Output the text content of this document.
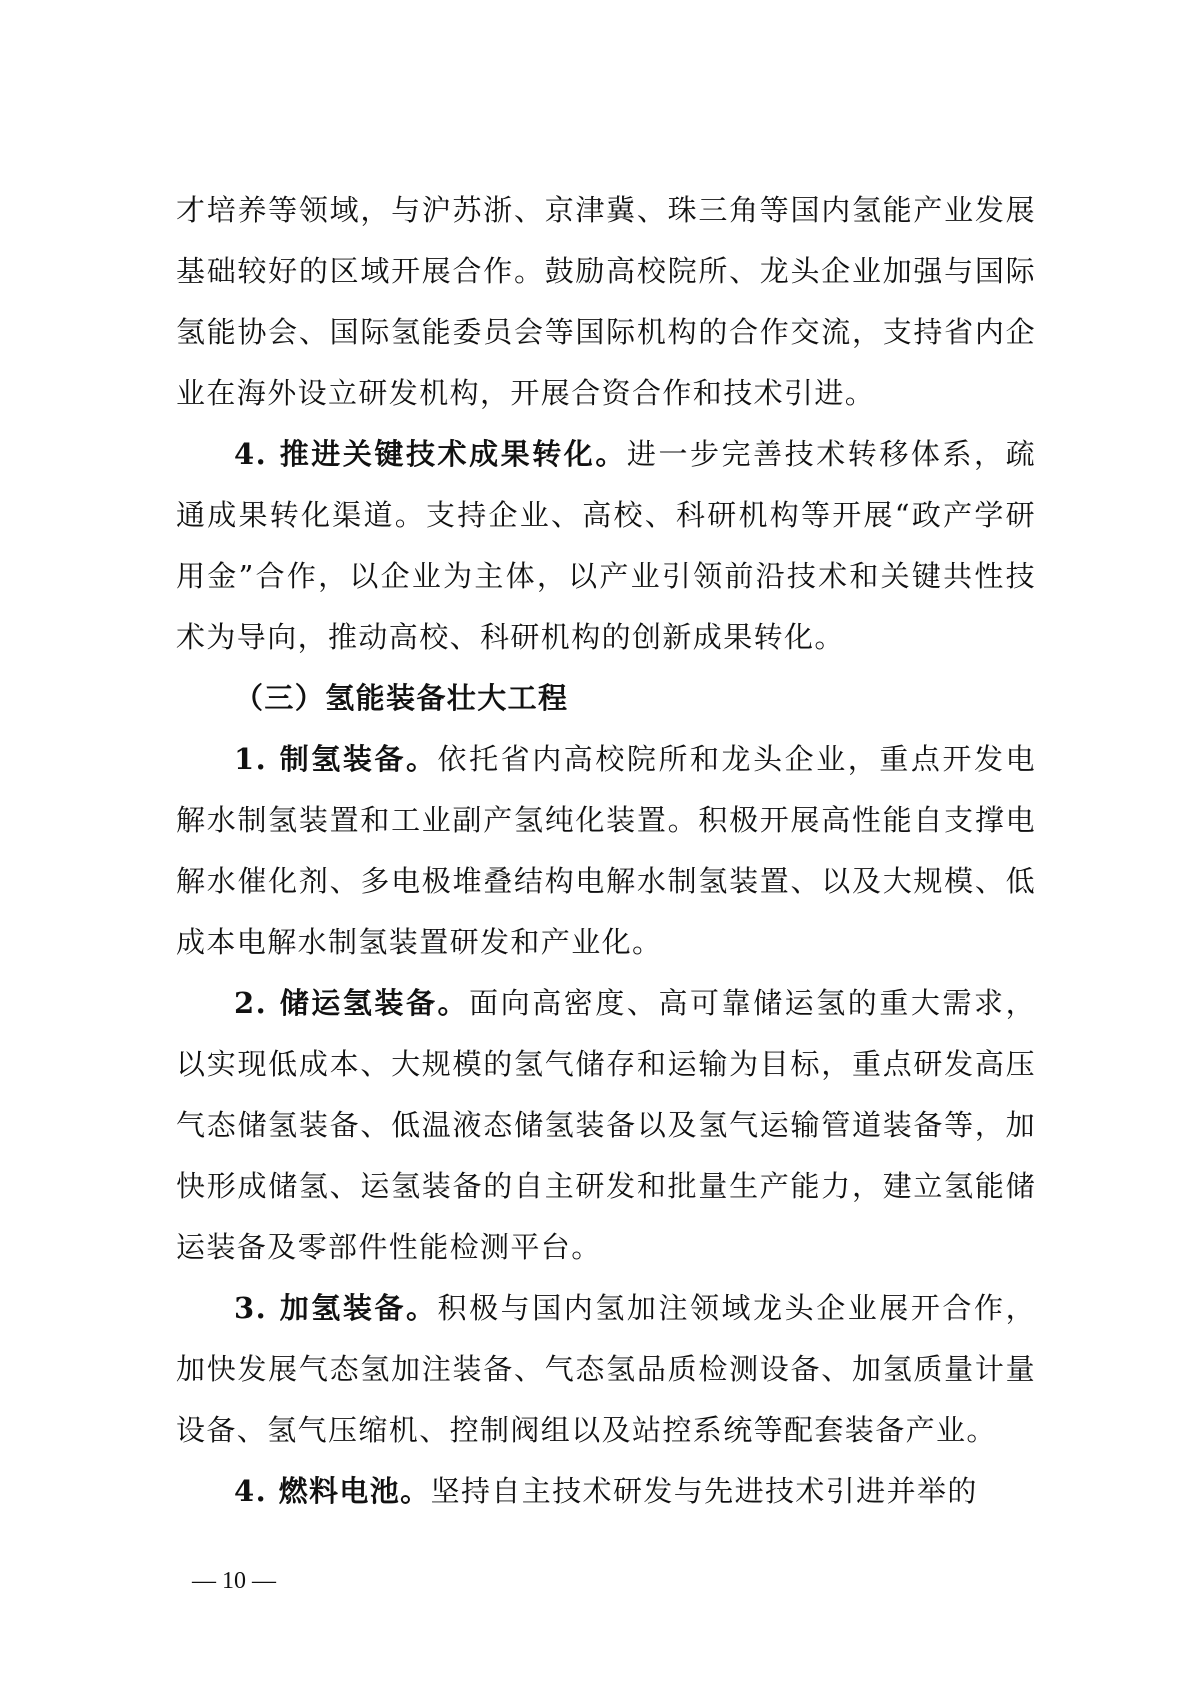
才培养等领域，与沪苏浙、京津冀、珠三角等国内氢能产业发展基础较好的区域开展合作。鼓励高校院所、龙头企业加强与国际氢能协会、国际氢能委员会等国际机构的合作交流，支持省内企业在海外设立研发机构，开展合资合作和技术引进。

4. 推进关键技术成果转化。进一步完善技术转移体系，疏通成果转化渠道。支持企业、高校、科研机构等开展“政产学研用金”合作，以企业为主体，以产业引领前沿技术和关键共性技术为导向，推动高校、科研机构的创新成果转化。

（三）氢能装备壮大工程

1. 制氢装备。依托省内高校院所和龙头企业，重点开发电解水制氢装置和工业副产氢纯化装置。积极开展高性能自支撑电解水催化剂、多电极堆叠结构电解水制氢装置、以及大规模、低成本电解水制氢装置研发和产业化。

2. 储运氢装备。面向高密度、高可靠储运氢的重大需求，以实现低成本、大规模的氢气储存和运输为目标，重点研发高压气态储氢装备、低温液态储氢装备以及氢气运输管道装备等，加快形成储氢、运氢装备的自主研发和批量生产能力，建立氢能储运装备及零部件性能检测平台。

3. 加氢装备。积极与国内氢加注领域龙头企业展开合作，加快发展气态氢加注装备、气态氢品质检测设备、加氢质量计量设备、氢气压缩机、控制阀组以及站控系统等配套装备产业。

4. 燃料电池。坚持自主技术研发与先进技术引进并举的

— 10 —
